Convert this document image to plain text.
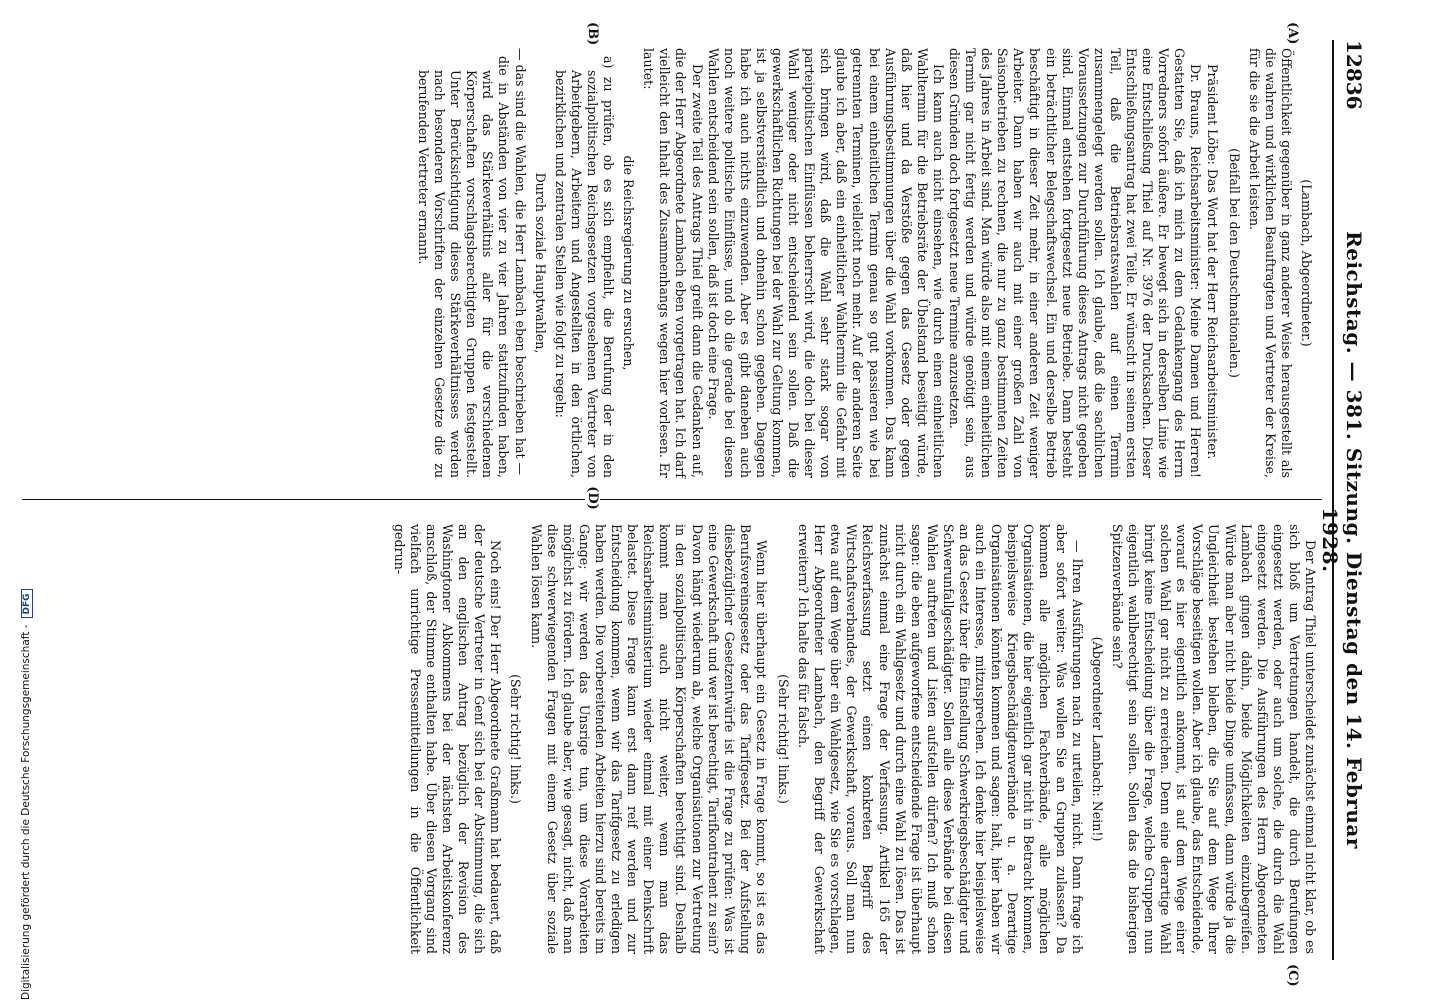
12836
Reichstag. — 381. Sitzung. Dienstag den 14. Februar 1928.
(A)
(B)
(C)
(D)

(Lambach, Abgeordneter.)

Öffentlichkeit gegenüber in ganz anderer Weise herausgestellt als die wahren und wirklichen Beauftragten und Vertreter der Kreise, für die sie die Arbeit leisten.

(Beifall bei den Deutschnationalen.)

Präsident Löbe: Das Wort hat der Herr Reichsarbeitsminister.

Dr. Brauns, Reichsarbeitsminister: Meine Damen und Herren! Gestatten Sie, daß ich mich zu dem Gedankengang des Herrn Vorredners sofort äußere. Er bewegt sich in derselben Linie wie eine Entschließung Thiel auf Nr. 3976 der Drucksachen. Dieser Entschließungsantrag hat zwei Teile. Er wünscht in seinem ersten Teil, daß die Betriebsratswahlen auf einen Termin zusammengelegt werden sollen. Ich glaube, daß die sachlichen Voraussetzungen zur Durchführung dieses Antrags nicht gegeben sind. Einmal entstehen fortgesetzt neue Betriebe. Dann besteht ein beträchtlicher Belegschaftswechsel. Ein und derselbe Betrieb beschäftigt in dieser Zeit mehr, in einer anderen Zeit weniger Arbeiter. Dann haben wir auch mit einer großen Zahl von Saisonbetrieben zu rechnen, die nur zu ganz bestimmten Zeiten des Jahres in Arbeit sind. Man würde also mit einem einheitlichen Termin gar nicht fertig werden und würde genötigt sein, aus diesen Gründen doch fortgesetzt neue Termine anzusetzen.

Ich kann auch nicht einsehen, wie durch einen einheitlichen Wahltermin für die Betriebsräte der Übelstand beseitigt würde, daß hier und da Verstöße gegen das Gesetz oder gegen Ausführungsbestimmungen über die Wahl vorkommen. Das kann bei einem einheitlichen Termin genau so gut passieren wie bei getrennten Terminen, vielleicht noch mehr. Auf der anderen Seite glaube ich aber, daß ein einheitlicher Wahltermin die Gefahr mit sich bringen wird, daß die Wahl sehr stark sogar von parteipolitischen Einflüssen beherrscht wird, die doch bei dieser Wahl weniger oder nicht entscheidend sein sollen. Daß die gewerkschaftlichen Richtungen bei der Wahl zur Geltung kommen, ist ja selbstverständlich und ohnehin schon gegeben. Dagegen habe ich auch nichts einzuwenden. Aber es gibt daneben auch noch weitere politische Einflüsse, und ob die gerade bei diesen Wahlen entscheidend sein sollen, daß ist doch eine Frage.

Der zweite Teil des Antrags Thiel greift dann die Gedanken auf, die der Herr Abgeordnete Lambach eben vorgetragen hat. Ich darf vielleicht den Inhalt des Zusammenhangs wegen hier vorlesen. Er lautet:

die Reichsregierung zu ersuchen,

a) zu prüfen, ob es sich empfiehlt, die Berufung der in den sozialpolitischen Reichsgesetzen vorgesehenen Vertreter von Arbeitgebern, Arbeitern und Angestellten in den örtlichen, bezirklichen und zentralen Stellen wie folgt zu regeln:

Durch soziale Hauptwahlen,

— das sind die Wahlen, die Herr Lambach eben beschrieben hat —

die in Abständen von vier zu vier Jahren stattzufinden haben, wird das Stärkeverhältnis aller für die verschiedenen Körperschaften vorschlagsberechtigten Gruppen festgestellt. Unter Berücksichtigung dieses Stärkeverhältnisses werden nach besonderen Vorschriften der einzelnen Gesetze die zu berufenden Vertreter ernannt.

Der Antrag Thiel unterscheidet zunächst einmal nicht klar, ob es sich bloß um Vertretungen handelt, die durch Berufungen eingesetzt werden, oder auch um solche, die durch die Wahl eingesetzt werden. Die Ausführungen des Herrn Abgeordneten Lambach gingen dahin, beide Möglichkeiten einzubegreifen. Würde man aber nicht beide Dinge umfassen, dann würde ja die Ungleichheit bestehen bleiben, die Sie auf dem Wege Ihrer Vorschläge beseitigen wollen. Aber ich glaube, das Entscheidende, worauf es hier eigentlich ankommt, ist auf dem Wege einer solchen Wahl gar nicht zu erreichen. Denn eine derartige Wahl bringt keine Entscheidung über die Frage, welche Gruppen nun eigentlich wahlberechtigt sein sollen. Sollen das die bisherigen Spitzenverbände sein?

(Abgeordneter Lambach: Nein!)

— Ihren Ausführungen nach zu urteilen, nicht. Dann frage ich aber sofort weiter: Was wollen Sie an Gruppen zulassen? Da kommen alle möglichen Fachverbände, alle möglichen Organisationen, die hier eigentlich gar nicht in Betracht kommen, beispielsweise Kriegsbeschädigtenverbände u. a. Derartige Organisationen könnten kommen und sagen: halt, hier haben wir auch ein Interesse, mitzusprechen. Ich denke hier beispielsweise an das Gesetz über die Einstellung Schwerkriegsbeschädigter und Schwerunfallgeschädigter. Sollen alle diese Verbände bei diesen Wahlen auftreten und Listen aufstellen dürfen? Ich muß schon sagen: die eben aufgeworfene entscheidende Frage ist überhaupt nicht durch ein Wahlgesetz und durch eine Wahl zu lösen. Das ist zunächst einmal eine Frage der Verfassung. Artikel 165 der Reichsverfassung setzt einen konkreten Begriff des Wirtschaftsverbandes, der Gewerkschaft, voraus. Soll man nun etwa auf dem Wege über ein Wahlgesetz, wie Sie es vorschlagen, Herr Abgeordneter Lambach, den Begriff der Gewerkschaft erweitern? Ich halte das für falsch.

(Sehr richtig! links.)

Wenn hier überhaupt ein Gesetz in Frage kommt, so ist es das Berufsvereinsgesetz oder das Tarifgesetz. Bei der Aufstellung diesbezüglicher Gesetzentwürfe ist die Frage zu prüfen: Was ist eine Gewerkschaft und wer ist berechtigt, Tarifkontrahent zu sein? Davon hängt wiederum ab, welche Organisationen zur Vertretung in den sozialpolitischen Körperschaften berechtigt sind. Deshalb kommt man auch nicht weiter, wenn man das Reichsarbeitsministerium wieder einmal mit einer Denkschrift belastet. Diese Frage kann erst dann reif werden und zur Entscheidung kommen, wenn wir das Tarifgesetz zu erledigen haben werden. Die vorbereitenden Arbeiten hierzu sind bereits im Gange; wir werden das Unsrige tun, um diese Vorarbeiten möglichst zu fördern. Ich glaube aber, wie gesagt, nicht, daß man diese schwerwiegenden Fragen mit einem Gesetz über soziale Wahlen lösen kann.

(Sehr richtig! links.)

Noch eins! Der Herr Abgeordnete Graßmann hat bedauert, daß der deutsche Vertreter in Genf sich bei der Abstimmung, die sich an den englischen Antrag bezüglich der Revision des Washingtoner Abkommens bei der nächsten Arbeitskonferenz anschloß, der Stimme enthalten habe. Über diesen Vorgang sind vielfach unrichtige Pressemitteilungen in die Öffentlichkeit gedrun-

Digitalisierung gefördert durch die Deutsche Forschungsgemeinschaft -DFG
